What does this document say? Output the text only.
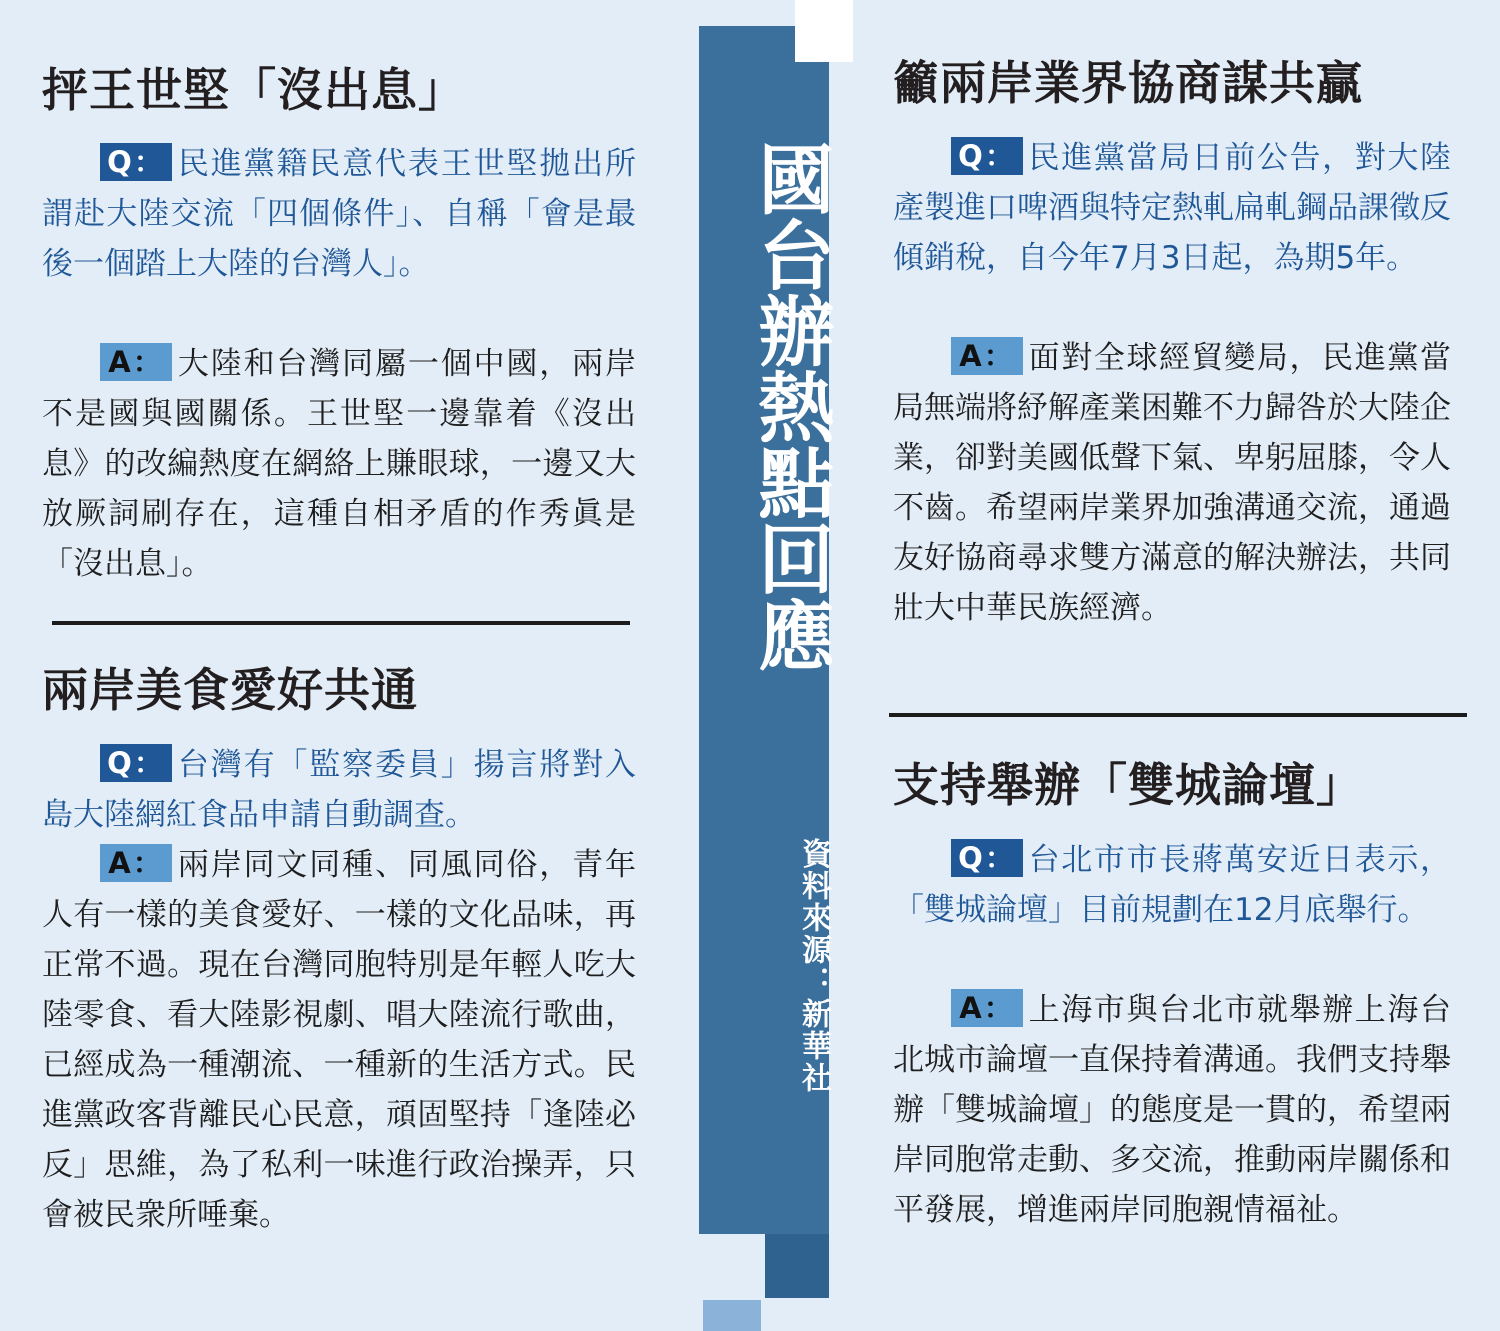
國台辦熱點回應
資料來源：新華社
抨王世堅「沒出息」

Q： 民進黨籍民意代表王世堅拋出所謂赴大陸交流「四個條件」、自稱「會是最後一個踏上大陸的台灣人」。

A： 大陸和台灣同屬一個中國，兩岸不是國與國關係。王世堅一邊靠着《沒出息》的改編熱度在網絡上賺眼球，一邊又大放厥詞刷存在，這種自相矛盾的作秀眞是「沒出息」。

兩岸美食愛好共通

Q： 台灣有「監察委員」揚言將對入島大陸網紅食品申請自動調查。

A： 兩岸同文同種、同風同俗，青年人有一樣的美食愛好、一樣的文化品味，再正常不過。現在台灣同胞特別是年輕人吃大陸零食、看大陸影視劇、唱大陸流行歌曲，已經成為一種潮流、一種新的生活方式。民進黨政客背離民心民意，頑固堅持「逢陸必反」思維，為了私利一味進行政治操弄，只會被民衆所唾棄。

籲兩岸業界協商謀共贏

Q： 民進黨當局日前公告，對大陸產製進口啤酒與特定熱軋扁軋鋼品課徵反傾銷稅，自今年7月3日起，為期5年。

A： 面對全球經貿變局，民進黨當局無端將紓解產業困難不力歸咎於大陸企業，卻對美國低聲下氣、卑躬屈膝，令人不齒。希望兩岸業界加強溝通交流，通過友好協商尋求雙方滿意的解決辦法，共同壯大中華民族經濟。

支持舉辦「雙城論壇」

Q： 台北市市長蔣萬安近日表示，「雙城論壇」目前規劃在12月底舉行。

A： 上海市與台北市就舉辦上海台北城市論壇一直保持着溝通。我們支持舉辦「雙城論壇」的態度是一貫的，希望兩岸同胞常走動、多交流，推動兩岸關係和平發展，增進兩岸同胞親情福祉。
